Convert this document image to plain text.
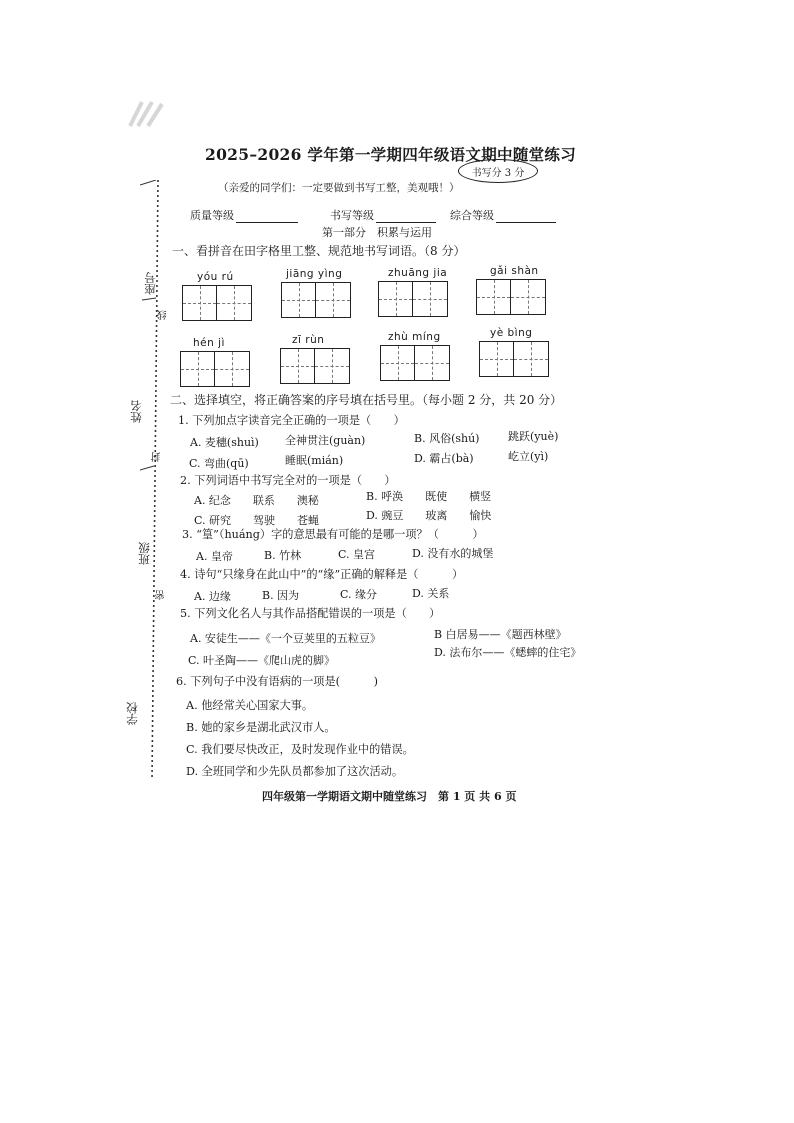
座号
线
姓名
封
班级
密
学校
2025–2026 学年第一学期四年级语文期中随堂练习
书写分 3 分
（亲爱的同学们：一定要做到书写工整，美观哦！）
质量等级	书写等级	综合等级
第一部分　积累与运用
一、看拼音在田字格里工整、规范地书写词语。（8 分）
yóu rú	jiāng yìng	zhuāng jia	gǎi shàn
hén jì	zī rùn	zhù míng	yè bìng
二、选择填空，将正确答案的序号填在括号里。（每小题 2 分，共 20 分）
1. 下列加点字读音完全正确的一项是（　　）
A. 麦穗(shuì) 全神贯注(guàn)	B. 风俗(shú)	跳跃(yuè)
C. 弯曲(qū)	睡眠(mián)	D. 霸占(bà)	屹立(yì)
2. 下列词语中书写完全对的一项是（　　）
A. 纪念　　联系　　澳秘	B. 呼涣　　既使　　横竖
C. 研究　　驾驶　　苍蝇	D. 豌豆　　玻离　　愉快
3. “篁”（huáng）字的意思最有可能的是哪一项？（　　　）
A. 皇帝	B. 竹林	C. 皇宫	D. 没有水的城堡
4. 诗句“只缘身在此山中”的“缘”正确的解释是（　　　）
A. 边缘	B. 因为	C. 缘分	D. 关系
5. 下列文化名人与其作品搭配错误的一项是（　　）
A. 安徒生——《一个豆荚里的五粒豆》	B 白居易——《题西林壁》
C. 叶圣陶——《爬山虎的脚》
D. 法布尔——《蟋蟀的住宅》
6. 下列句子中没有语病的一项是(　　　)
A. 他经常关心国家大事。
B. 她的家乡是湖北武汉市人。
C. 我们要尽快改正，及时发现作业中的错误。
D. 全班同学和少先队员都参加了这次活动。
四年级第一学期语文期中随堂练习　第 1 页 共 6 页
